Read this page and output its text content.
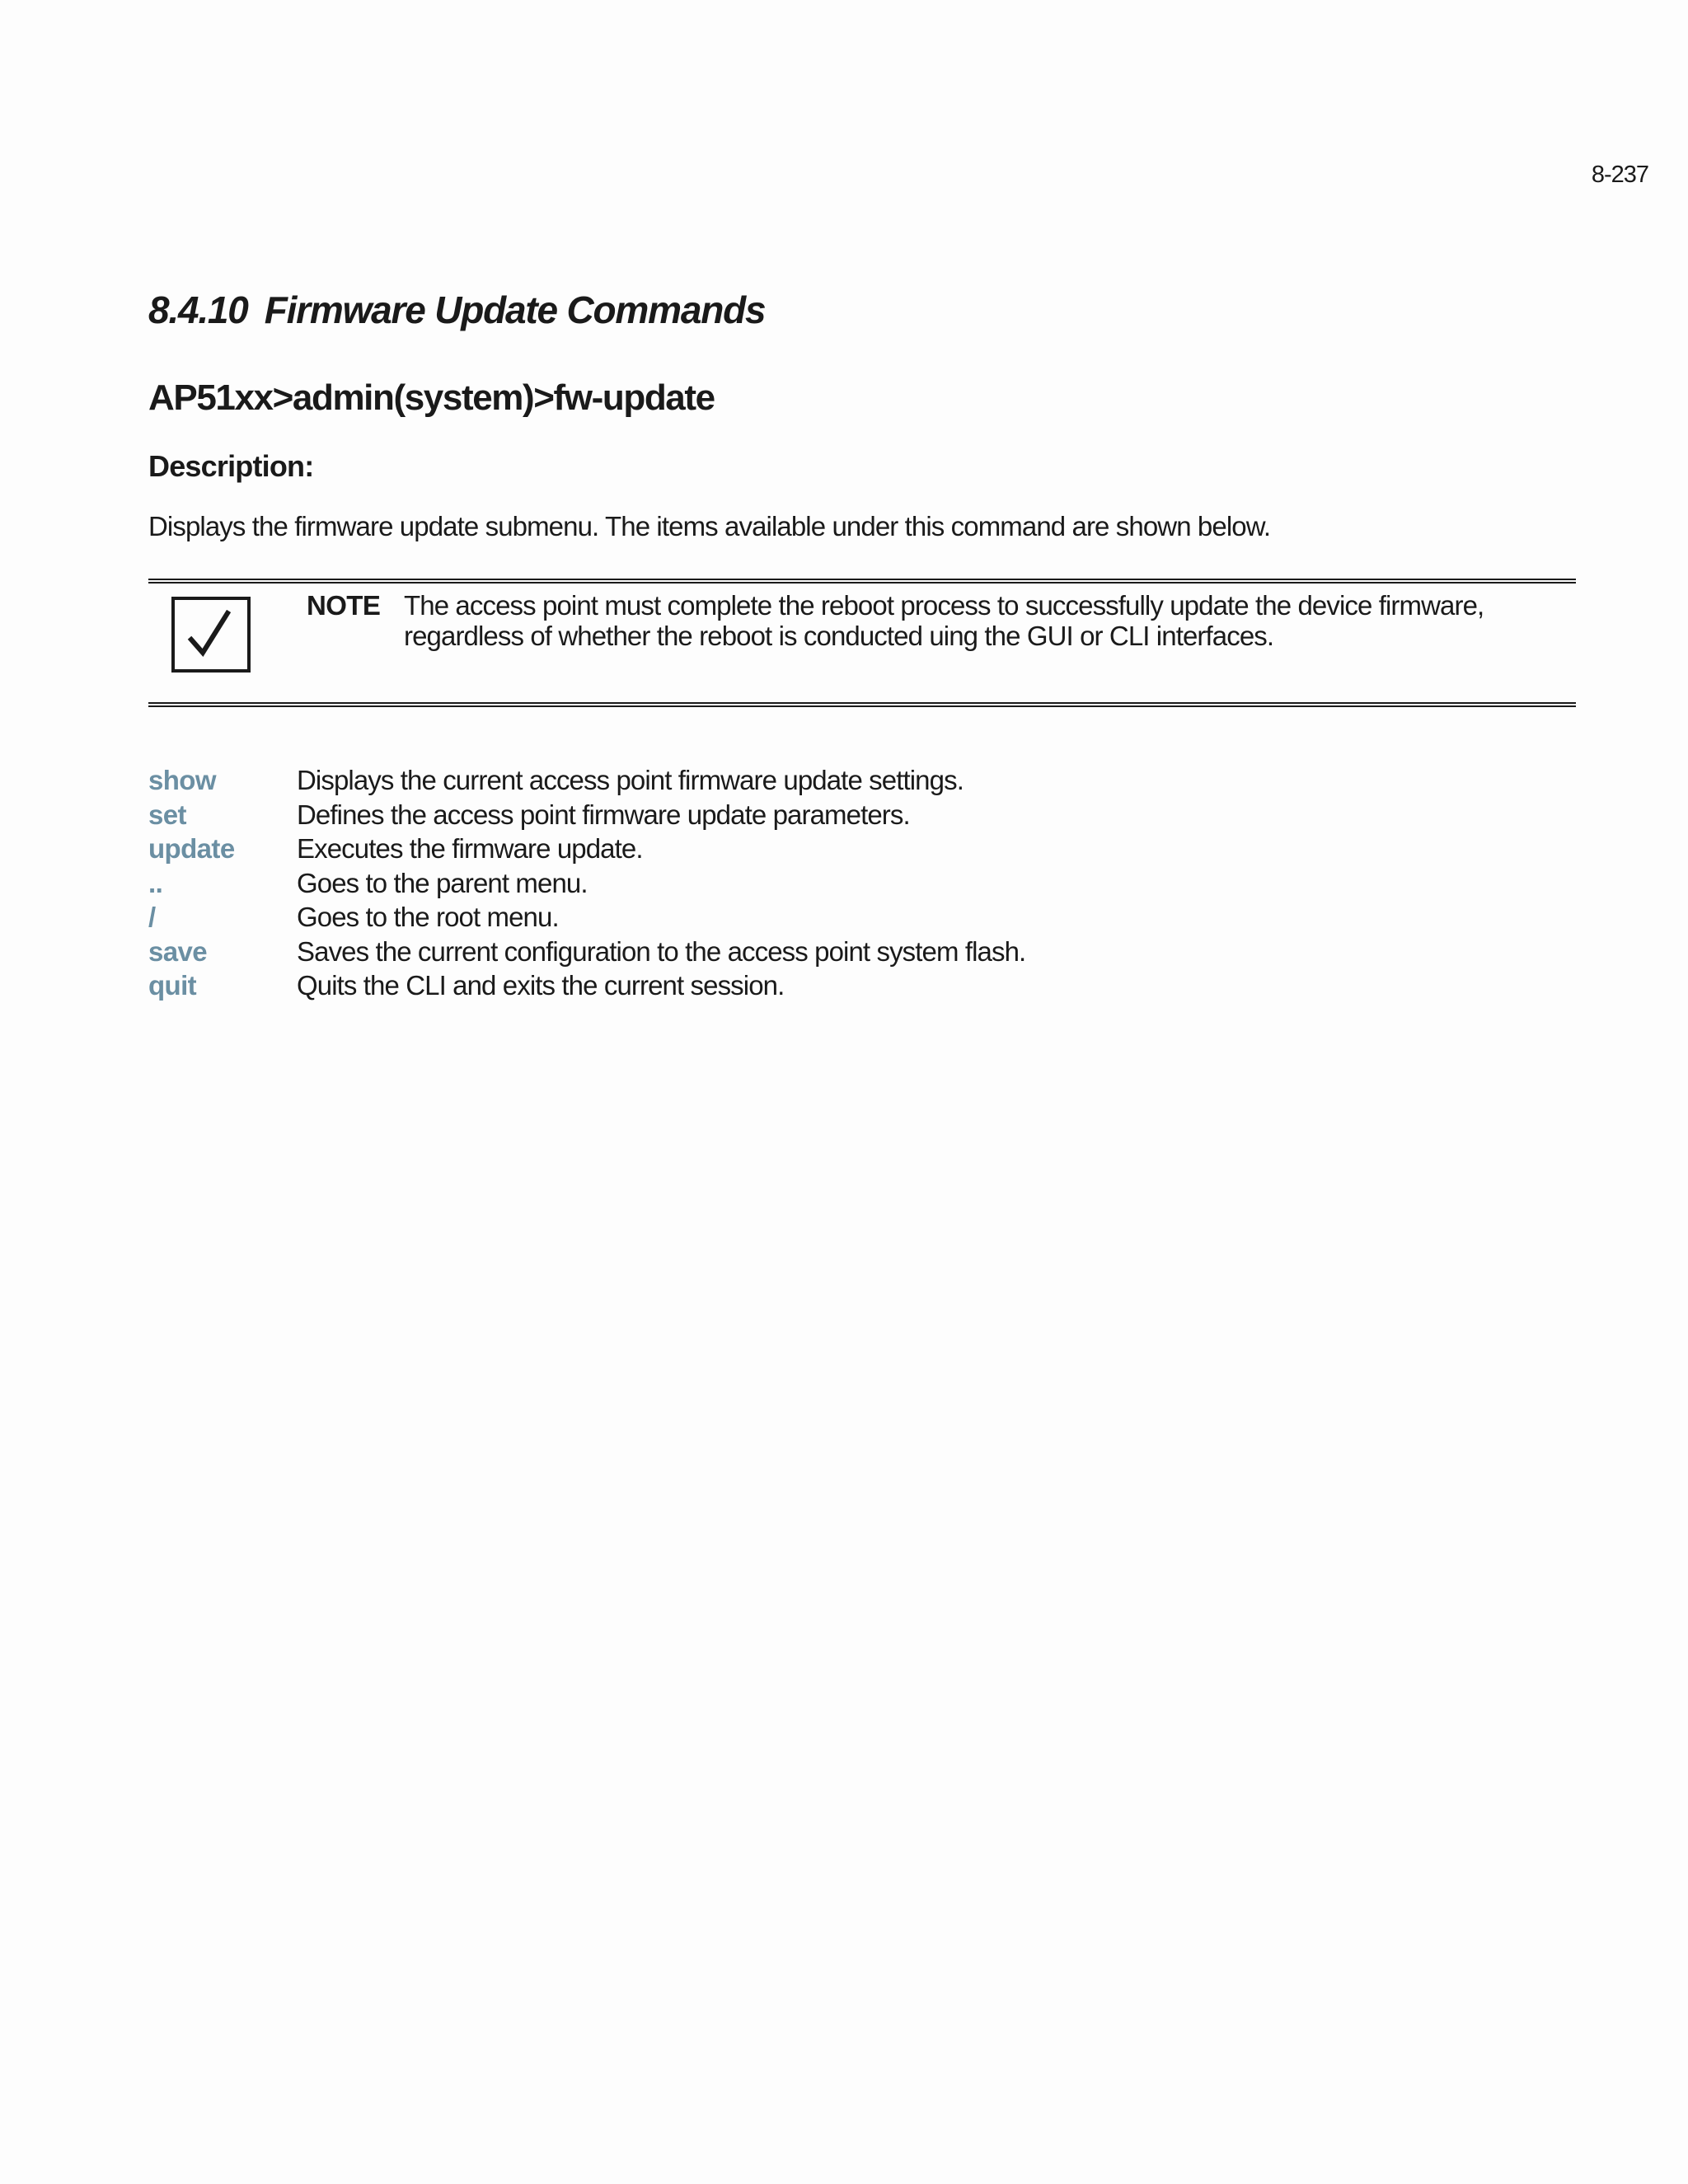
8-237
8.4.10 Firmware Update Commands
AP51xx>admin(system)>fw-update
Description:

Displays the firmware update submenu. The items available under this command are shown below.

NOTE The access point must complete the reboot process to successfully update the device firmware, regardless of whether the reboot is conducted uing the GUI or CLI interfaces.
show	Displays the current access point firmware update settings.
set	Defines the access point firmware update parameters.
update	Executes the firmware update.
..	Goes to the parent menu.
/	Goes to the root menu.
save	Saves the current configuration to the access point system flash.
quit	Quits the CLI and exits the current session.
